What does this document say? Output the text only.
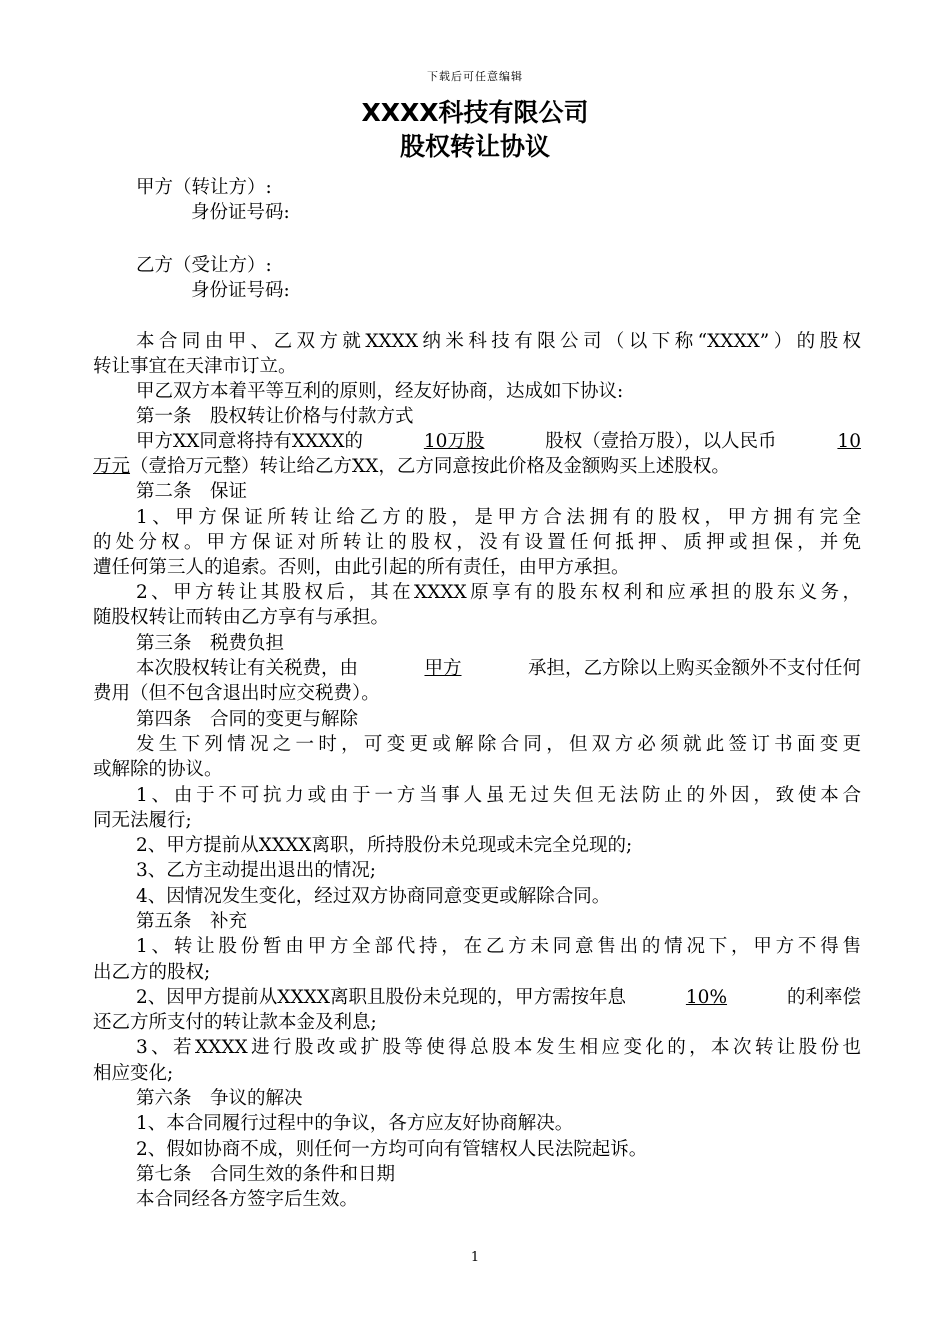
下载后可任意编辑
XXXX科技有限公司
股权转让协议
甲方（转让方）:
身份证号码:
乙方（受让方）:
身份证号码:
本合同由甲、乙双方就XXXX纳米科技有限公司（以下称“XXXX”）的股权
转让事宜在天津市订立。
甲乙双方本着平等互利的原则，经友好协商，达成如下协议:
第一条　股权转让价格与付款方式
甲方XX同意将持有XXXX的	10万股	股权（壹拾万股），以人民币	10
万元（壹拾万元整）转让给乙方XX，乙方同意按此价格及金额购买上述股权。
第二条　保证
1、甲方保证所转让给乙方的股，是甲方合法拥有的股权，甲方拥有完全
的处分权。甲方保证对所转让的股权，没有设置任何抵押、质押或担保，并免
遭任何第三人的追索。否则，由此引起的所有责任，由甲方承担。
2、甲方转让其股权后，其在XXXX原享有的股东权利和应承担的股东义务，
随股权转让而转由乙方享有与承担。
第三条　税费负担
本次股权转让有关税费，由	甲方	承担，乙方除以上购买金额外不支付任何
费用（但不包含退出时应交税费）。
第四条　合同的变更与解除
发生下列情况之一时，可变更或解除合同，但双方必须就此签订书面变更
或解除的协议。
1、由于不可抗力或由于一方当事人虽无过失但无法防止的外因，致使本合
同无法履行;
2、甲方提前从XXXX离职，所持股份未兑现或未完全兑现的;
3、乙方主动提出退出的情况;
4、因情况发生变化，经过双方协商同意变更或解除合同。
第五条　补充
1、转让股份暂由甲方全部代持，在乙方未同意售出的情况下，甲方不得售
出乙方的股权;
2、因甲方提前从XXXX离职且股份未兑现的，甲方需按年息	10%	的利率偿
还乙方所支付的转让款本金及利息;
3、若XXXX进行股改或扩股等使得总股本发生相应变化的，本次转让股份也
相应变化;
第六条　争议的解决
1、本合同履行过程中的争议，各方应友好协商解决。
2、假如协商不成，则任何一方均可向有管辖权人民法院起诉。
第七条　合同生效的条件和日期
本合同经各方签字后生效。
1
